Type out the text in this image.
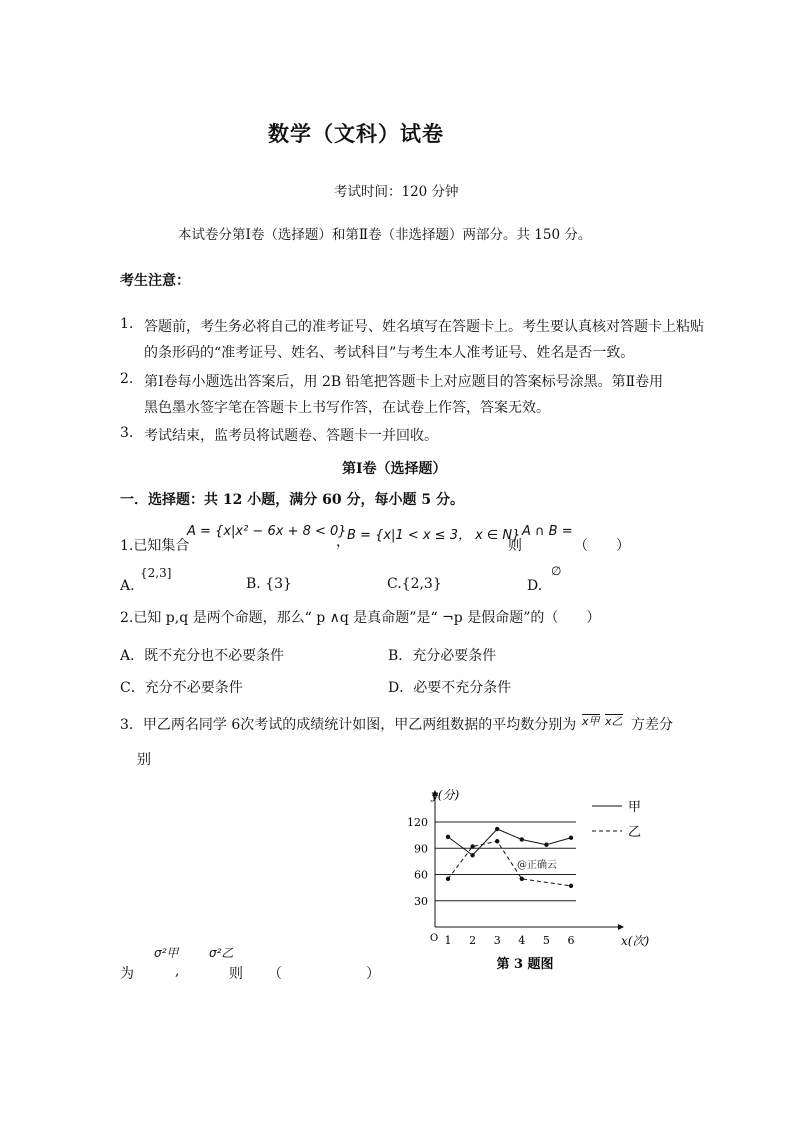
数学（文科）试卷
考试时间：120 分钟
本试卷分第Ⅰ卷（选择题）和第Ⅱ卷（非选择题）两部分。共 150 分。
考生注意：
1. 答题前，考生务必将自己的准考证号、姓名填写在答题卡上。考生要认真核对答题卡上粘贴
的条形码的“准考证号、姓名、考试科目”与考生本人准考证号、姓名是否一致。
2. 第Ⅰ卷每小题选出答案后，用 2B 铅笔把答题卡上对应题目的答案标号涂黑。第Ⅱ卷用
黑色墨水签字笔在答题卡上书写作答，在试卷上作答，答案无效。
3. 考试结束，监考员将试题卷、答题卡一并回收。
第Ⅰ卷（选择题）
一．选择题：共 12 小题，满分 60 分，每小题 5 分。
1.已知集合
A = {x|x² − 6x + 8 < 0}
，
B = {x|1 < x ≤ 3， x ∈ N}
则
A ∩ B =
（　　）
A.
{2,3]
B. {3}	C.{2,3}	D.
∅
2.已知 p,q 是两个命题，那么“ p ∧q 是真命题”是“ ¬p 是假命题”的（　　）
A．既不充分也不必要条件	B．充分必要条件
C．充分不必要条件	D．必要不充分条件
3．甲乙两名同学 6次考试的成绩统计如图，甲乙两组数据的平均数分别为 x甲 x乙 方差分
别
为
σ²甲
,
σ²乙
则 （　　　　　　）
30
60
90
120
O 1 2 3 4 5 6
y(分)
x(次)
@正确云
甲
乙
第 3 题图
